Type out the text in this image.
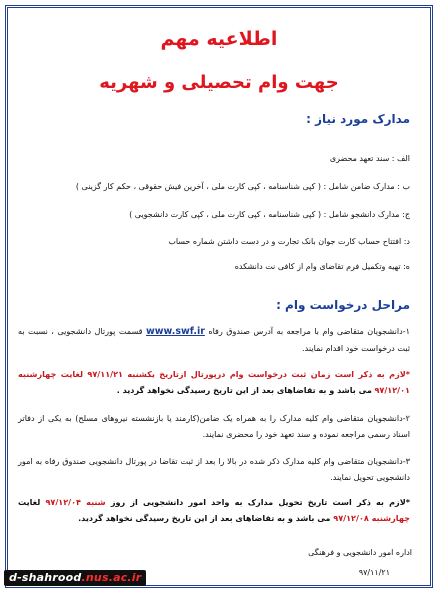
اطلاعیه مهم
جهت وام تحصیلی و شهریه
مدارک مورد نیاز :
الف : سند تعهد محضری
ب : مدارک ضامن شامل : ( کپی شناسنامه ، کپی کارت ملی ، آخرین فیش حقوقی ، حکم کار گزینی )
ج: مدارک دانشجو شامل : ( کپی شناسنامه ، کپی کارت ملی ، کپی کارت دانشجویی )
د: افتتاح حساب کارت جوان بانک تجارت و در دست داشتن شماره حساب
ه: تهیه وتکمیل فرم تقاضای وام از کافی نت دانشکده
مراحل درخواست وام :
۱-دانشجویان متقاضی وام با مراجعه به آدرس صندوق رفاه www.swf.ir قسمت پورتال دانشجویی ، نسبت به ثبت درخواست خود اقدام نمایند.
*لازم به ذکر است زمان ثبت درخواست وام درپورتال ازتاریخ یکشنبه ۹۷/۱۱/۲۱ لغایت چهارشنبه ۹۷/۱۲/۰۱ می باشد و به تقاضاهای بعد از این تاریخ رسیدگی نخواهد گردید .
۲-دانشجویان متقاضی وام کلیه مدارک را به همراه یک ضامن(کارمند یا بازنشسته نیروهای مسلح) به یکی از دفاتر اسناد رسمی مراجعه نموده و سند تعهد خود را محضری نمایند.
۳-دانشجویان متقاضی وام کلیه مدارک ذکر شده در بالا را بعد از ثبت تقاضا در پورتال دانشجویی صندوق رفاه به امور دانشجویی تحویل نمایند.
*لازم به ذکر است تاریخ تحویل مدارک به واحد امور دانشجویی از روز شنبه ۹۷/۱۲/۰۴ لغایت چهارشنبه ۹۷/۱۲/۰۸ می باشد و به تقاضاهای بعد از این تاریخ رسیدگی نخواهد گردید.
اداره امور دانشجویی و فرهنگی
۹۷/۱۱/۲۱
d-shahrood.nus.ac.ir
